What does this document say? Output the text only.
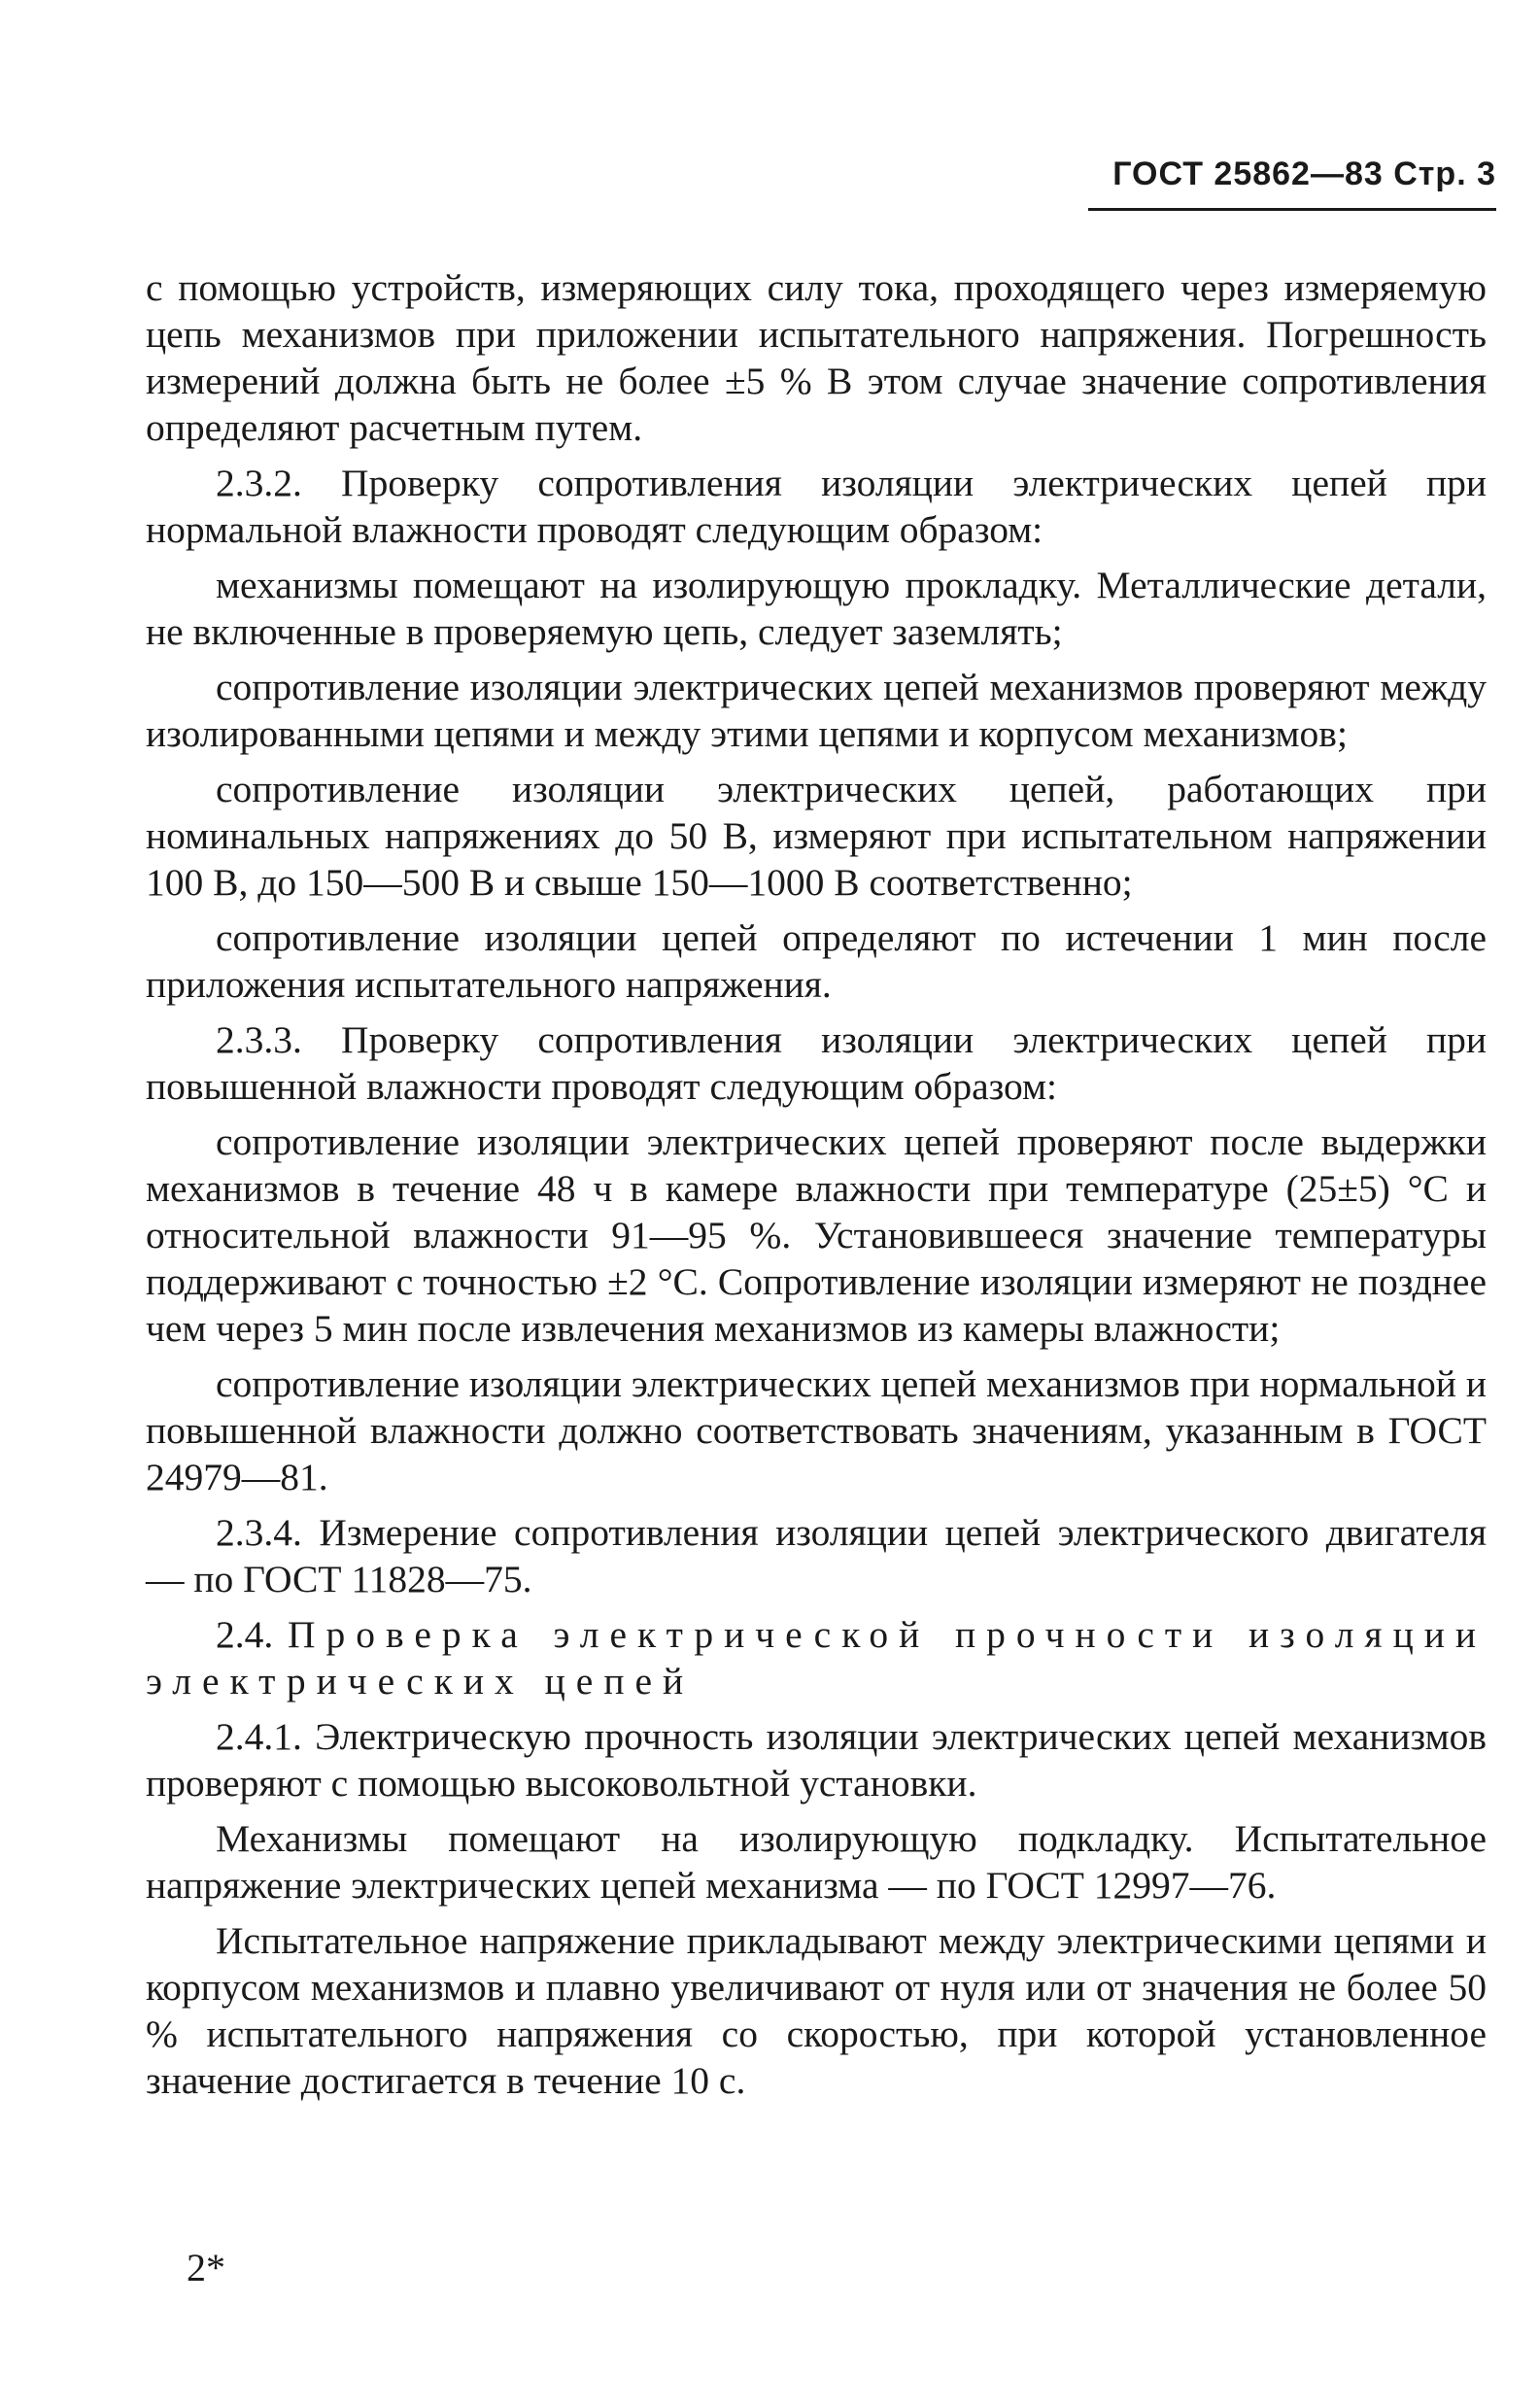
ГОСТ 25862—83 Стр. 3

с помощью устройств, измеряющих силу тока, проходящего через измеряемую цепь механизмов при приложении испытательного напряжения. Погрешность измерений должна быть не более ±5 % В этом случае значение сопротивления определяют расчетным путем.

2.3.2. Проверку сопротивления изоляции электрических цепей при нормальной влажности проводят следующим образом:

механизмы помещают на изолирующую прокладку. Металлические детали, не включенные в проверяемую цепь, следует заземлять;

сопротивление изоляции электрических цепей механизмов проверяют между изолированными цепями и между этими цепями и корпусом механизмов;

сопротивление изоляции электрических цепей, работающих при номинальных напряжениях до 50 В, измеряют при испытательном напряжении 100 В, до 150—500 В и свыше 150—1000 В соответственно;

сопротивление изоляции цепей определяют по истечении 1 мин после приложения испытательного напряжения.

2.3.3. Проверку сопротивления изоляции электрических цепей при повышенной влажности проводят следующим образом:

сопротивление изоляции электрических цепей проверяют после выдержки механизмов в течение 48 ч в камере влажности при температуре (25±5) °С и относительной влажности 91—95 %. Установившееся значение температуры поддерживают с точностью ±2 °С. Сопротивление изоляции измеряют не позднее чем через 5 мин после извлечения механизмов из камеры влажности;

сопротивление изоляции электрических цепей механизмов при нормальной и повышенной влажности должно соответствовать значениям, указанным в ГОСТ 24979—81.

2.3.4. Измерение сопротивления изоляции цепей электрического двигателя — по ГОСТ 11828—75.

2.4. Проверка электрической прочности изоляции электрических цепей

2.4.1. Электрическую прочность изоляции электрических цепей механизмов проверяют с помощью высоковольтной установки.

Механизмы помещают на изолирующую подкладку. Испытательное напряжение электрических цепей механизма — по ГОСТ 12997—76.

Испытательное напряжение прикладывают между электрическими цепями и корпусом механизмов и плавно увеличивают от нуля или от значения не более 50 % испытательного напряжения со скоростью, при которой установленное значение достигается в течение 10 с.

2*
